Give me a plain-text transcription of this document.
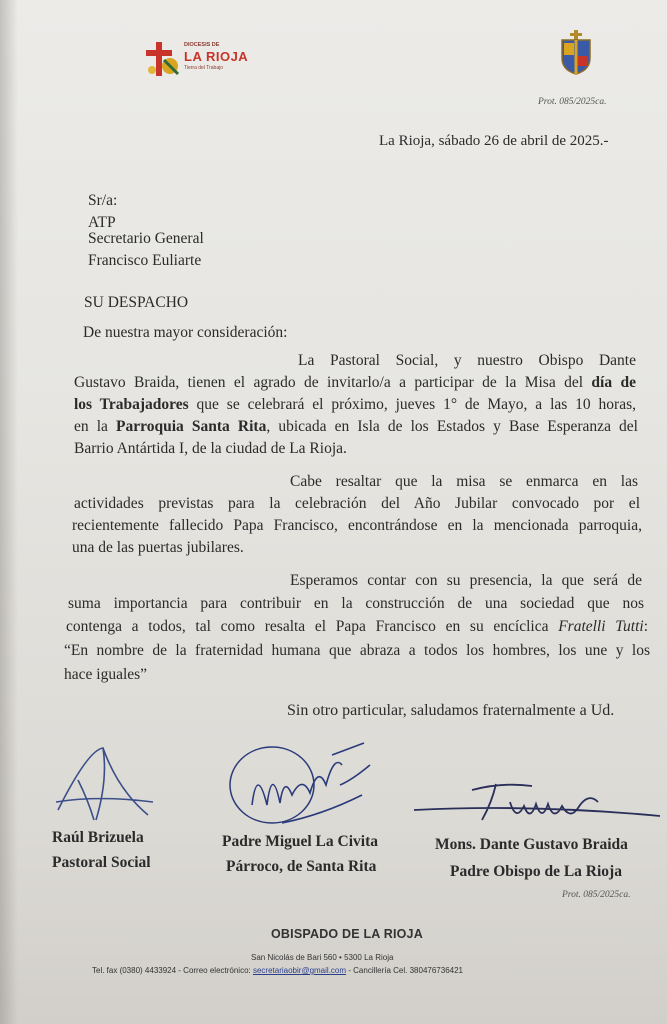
DIOCESIS DE
LA RIOJA
Tierra del Trabajo
Prot. 085/2025ca.
La Rioja, sábado 26 de abril de 2025.-
Sr/a:
ATP
Secretario General
Francisco Euliarte
SU DESPACHO
De nuestra mayor consideración:
La Pastoral Social, y nuestro Obispo Dante
Gustavo Braida, tienen el agrado de invitarlo/a a participar de la Misa del día de
los Trabajadores que se celebrará el próximo, jueves 1° de Mayo, a las 10 horas,
en la Parroquia Santa Rita, ubicada en Isla de los Estados y Base Esperanza del
Barrio Antártida I, de la ciudad de La Rioja.
Cabe resaltar que la misa se enmarca en las
actividades previstas para la celebración del Año Jubilar convocado por el
recientemente fallecido Papa Francisco, encontrándose en la mencionada parroquia,
una de las puertas jubilares.
Esperamos contar con su presencia, la que será de
suma importancia para contribuir en la construcción de una sociedad que nos
contenga a todos, tal como resalta el Papa Francisco en su encíclica Fratelli Tutti:
“En nombre de la fraternidad humana que abraza a todos los hombres, los une y los
hace iguales”
Sin otro particular, saludamos fraternalmente a Ud.
Raúl Brizuela
Pastoral Social
Padre Miguel La Civita
Párroco, de Santa Rita
Mons. Dante Gustavo Braida
Padre Obispo de La Rioja
Prot. 085/2025ca.
OBISPADO DE LA RIOJA
San Nicolás de Bari 560 • 5300 La Rioja
Tel. fax (0380) 4433924 - Correo electrónico: secretariaobir@gmail.com - Cancillería Cel. 380476736421
